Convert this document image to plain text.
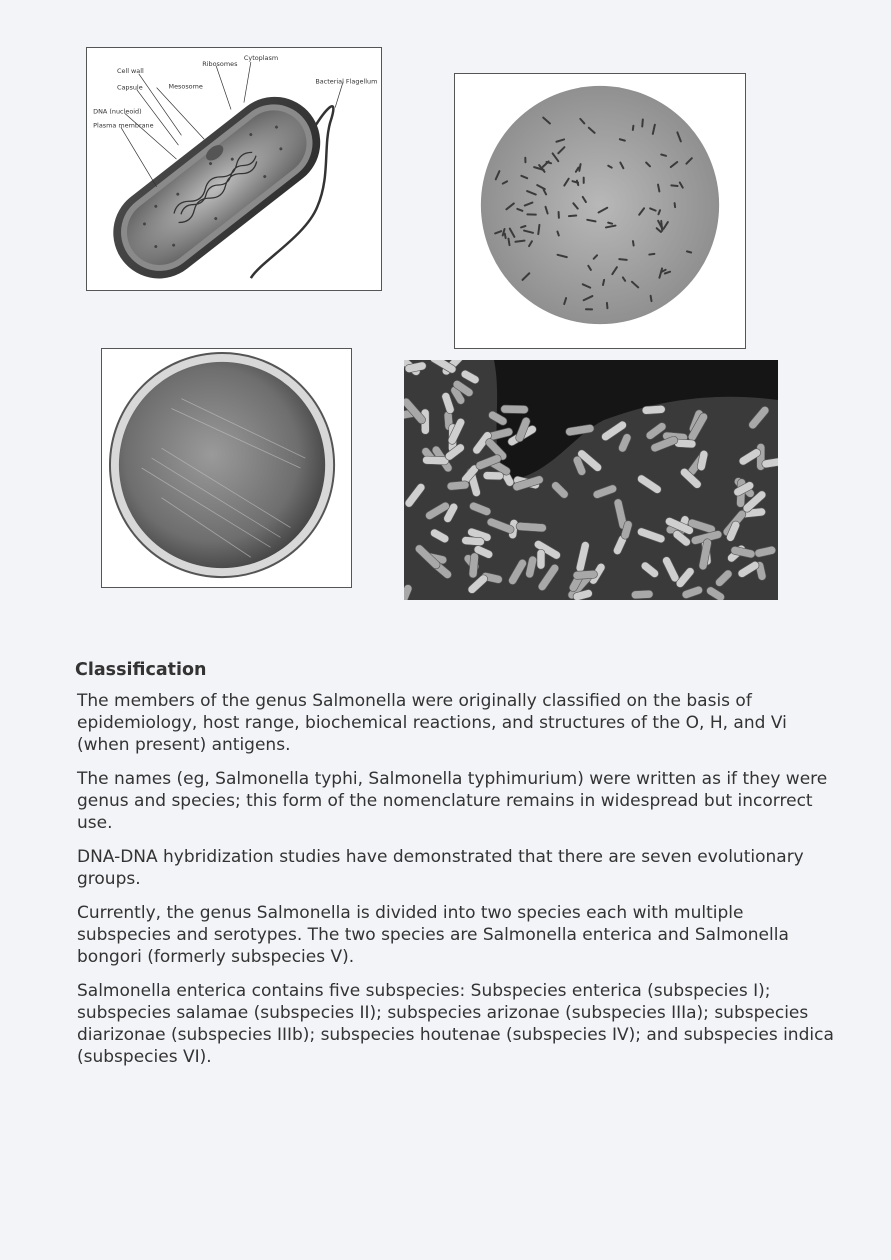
Cell wall
Capsule
DNA (nucleoid)
Plasma membrane
Mesosome
Ribosomes
Cytoplasm
Bacterial Flagellum
Classification

The members of the genus Salmonella were originally classified on the basis of epidemiology, host range, biochemical reactions, and structures of the O, H, and Vi (when present) antigens.

The names (eg, Salmonella typhi, Salmonella typhimurium) were written as if they were genus and species; this form of the nomenclature remains in widespread but incorrect use.

DNA-DNA hybridization studies have demonstrated that there are seven evolutionary groups.

Currently, the genus Salmonella is divided into two species each with multiple subspecies and serotypes. The two species are Salmonella enterica and Salmonella bongori (formerly subspecies V).

Salmonella enterica contains five subspecies: Subspecies enterica (subspecies I); subspecies salamae (subspecies II); subspecies arizonae (subspecies IIIa); subspecies diarizonae (subspecies IIIb); subspecies houtenae (subspecies IV); and subspecies indica (subspecies VI).
